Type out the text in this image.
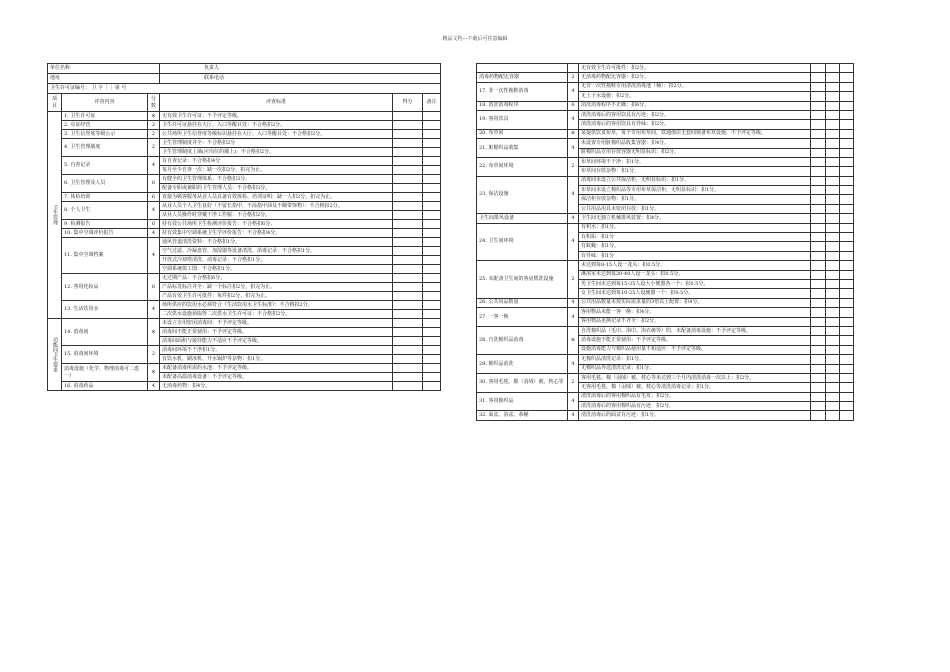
精品文档---下载后可任意编辑
单位名称			负责人		
地址			联系电话		
卫生许可证编号： 卫 字［ ］第 号					
项目	评查内容	分数	评查标准	得分	备注
卫生管理	1. 卫生许可证	※	无有效卫生许可证：不予评定等级。		
	2. 亮证经营	2	卫生许可证悬挂在大厅，入口等醒目处：不合格扣2分。		
	3. 卫生信誉度等级公示	2	公共场所卫生信誉度等级标识悬挂在大厅、入口等醒目处：不合格扣2分。		
	4. 卫生管理制度	2	卫生管理制度齐全：不合格扣2分		
			卫生管理制度上墙(应岗位的墙上)：不合格扣2分。		
	5. 自查记录	4	有自查记录：不合格扣4分		
			每月至少自查一次：缺一次扣2分，扣完为止。		
	6. 卫生管理及人员	6	有健全的卫生管理体系：不合格扣3分。		
			配备专职或兼职的卫生管理人员：不合格扣3分。		
	7. 体检培训	6	直接为顾客服务从业人员具备有效体检、培训证明：缺一人扣2分，扣完为止。		
	8. 个人卫生	4	从业人员个人卫生良好（不留长指甲、不涂指甲油及不佩带饰物）：不合格扣2分。		
			从业人员操作时穿戴干净工作服：不合格扣2分。		
	9. 检测报告	6	持有效公共场所卫生检测评价报告：不合格扣6分。		
	10. 集中空调评价报告	4	持有效集中空调系统卫生学评价报告：不合格扣4分。		
	11. 集中空调档案	4	通风管道清洗资料：不合格扣1分。		
			空气过滤、冷凝盘管、加湿器等设备清洗、消毒记录：不合格扣1分。		
			开放式冷却塔清洗、消毒记录：不合格扣1分。		
			空调系统竣工图：不合格扣1分。		
	12. 客用化妆品	6	无过期产品：不合格扣6分。		
			产品标签标注齐全：缺一个标注扣2分，扣完为止。		
			产品有效卫生许可批件：每件扣2分，扣完为止。		
	13. 生活饮用水	4	场所供应的饮用水必须符合《生活饮用水卫生标准》：不合格扣2分。		
			二次供水设施须取得二次供水卫生许可证：不合格扣2分。		
功能间卫生要求	14. 消毒间	※	未设立专用密闭消毒间：不予评定等级。		
			消毒间不能正常使用：不予评定等级。		
			消毒间面积与接待能力不适应不予评定等级。		
	15. 消毒间环境	2	消毒间环境不干净扣1分。		
			有饮水机，刷冰机、开水锅炉等杂物：扣1分。		
	消毒设施（化学、物理消毒可二选一）	※	未配备消毒所需的水池：不予评定等级。		
			未配备高温消毒设备：不予评定等级。		
	16. 消毒药品	4	无消毒药物：扣4分。		
		无有效卫生许可批件：扣2分。			
消毒药物配比容器	2	无消毒药物配比容器：扣2分。			
17. 非一次性拖鞋消毒	4	无非一次性拖鞋专用清洗消毒池（桶）：扣2分。			
		无上下水设施：扣2分。			
18. 消洗消毒程序	6	消洗消毒程序不正确：扣6分。			
19. 客用饮具	4	清洗消毒后的客用饮具有污迹：扣2分。			
		清洗消毒后的客用饮具有异味：扣2分。			
20. 布草间	※	某提供饮食布草，每个专用布草间，铁通值店无套间锁备布草设施，不予评定等级。			
21. 脏棉织品收集	4	未设置专用脏棉织品收集容器：扣4分。			
		脏棉织品专用存放容器无明显标识：扣2分。			
22. 布草间环境	2	布草间环境不干净：扣1分。			
		布草间存放杂物：扣1分。			
23. 保洁设施	4	消毒间未设立公共保洁柜，无明显标识：扣1分。			
		布草间未设立棉织品等专用布草保洁柜，无明显标识：扣1分。			
		保洁柜存放杂物：扣1分。			
		公共用品用具未密闭存放：扣1分。			
卫生间排风设备	4	卫生间无独立机械排风装置：扣4分。			
24. 卫生间环境	4	有积水：扣1分。			
		有积垢：扣1分			
		有蚊蝇：扣1分。			
		有异味：扣1分			
25. 未配备卫生间的客房盥洗设施	2	未达到每8-15人设一龙头：扣0.5分。			
		淋浴室未达到每20-40人设一龙头：扣0.5分。			
		男卫生间未达到每15-35人设大小便器各一个：扣0.5分。			
		女卫生间未达到每10-25人设便器一个：扣0.5分。			
26. 公共用品数量	4	公共用品数量未按实际需求量的3倍以上配置：扣4分。			
27. 一客一换	4	客用物品未能一客一换：扣4分。			
		客用物品更换记录不齐全：扣2分。			
28. 自洗棉织品消毒	※	自洗棉织品（毛巾、浴巾、浴衣裤等）的，未配备消毒设施：不予评定等级。			
		消毒设施不能正常使用：不予评定等级。			
		设施消毒能力与棉织品使用量不相适应：不予评定等级。			
29. 棉织品消洗	4	无棉织品清洗记录：扣1分。			
		无棉织品外送清洗记录：扣1分。			
30. 客用毛毯、棉（羽绒）被、枕心等	2	客用毛毯、棉（羽绒）被、枕心等未达到三个月内清洗消毒一次以上：扣2分。			
		无客用毛毯、棉（羽绒）被、枕心等清洗消毒记录：扣1分。			
31. 客用棉织品	4	清洗消毒后的客用棉织品有毛发：扣2分。			
		清洗消毒后的客用棉织品有污迹：扣2分。			
32. 面盆、浴盆、恭桶	4	清洗消毒后的面盆有污迹：扣1分。			
